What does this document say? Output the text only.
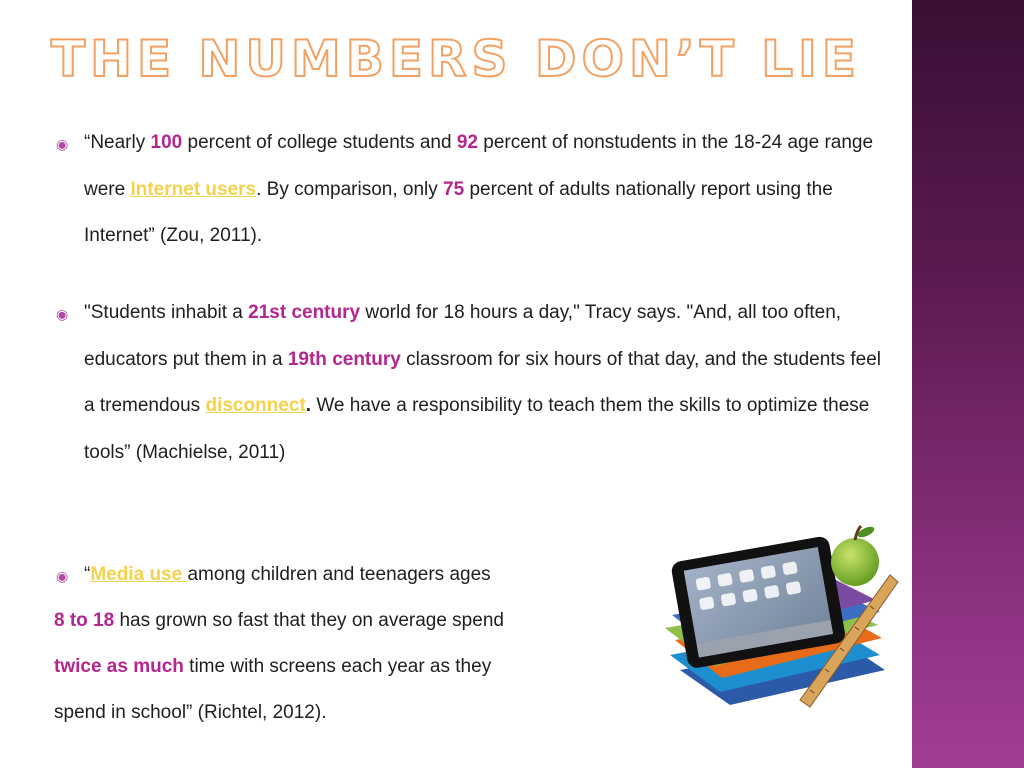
THE NUMBERS DON’T LIE
◉ “Nearly 100 percent of college students and 92 percent of nonstudents in the 18-24 age range were Internet users. By comparison, only 75 percent of adults nationally report using the Internet” (Zou, 2011).
◉ "Students inhabit a 21st century world for 18 hours a day," Tracy says. "And, all too often, educators put them in a 19th century classroom for six hours of that day, and the students feel a tremendous disconnect. We have a responsibility to teach them the skills to optimize these tools” (Machielse, 2011)
◉ “Media use among children and teenagers ages
8 to 18 has grown so fast that they on average spend
twice as much time with screens each year as they
spend in school” (Richtel, 2012).
